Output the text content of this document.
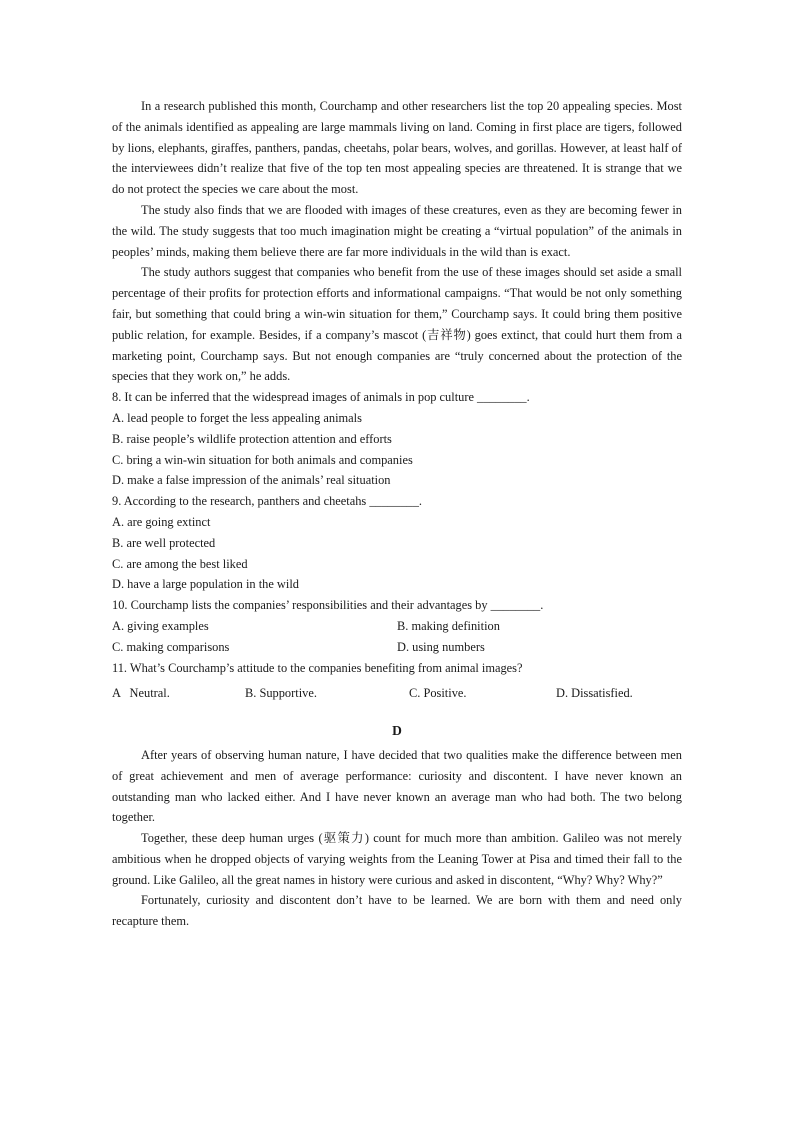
In a research published this month, Courchamp and other researchers list the top 20 appealing species. Most of the animals identified as appealing are large mammals living on land. Coming in first place are tigers, followed by lions, elephants, giraffes, panthers, pandas, cheetahs, polar bears, wolves, and gorillas. However, at least half of the interviewees didn’t realize that five of the top ten most appealing species are threatened. It is strange that we do not protect the species we care about the most.

The study also finds that we are flooded with images of these creatures, even as they are becoming fewer in the wild. The study suggests that too much imagination might be creating a “virtual population” of the animals in peoples’ minds, making them believe there are far more individuals in the wild than is exact.

The study authors suggest that companies who benefit from the use of these images should set aside a small percentage of their profits for protection efforts and informational campaigns. “That would be not only something fair, but something that could bring a win-win situation for them,” Courchamp says. It could bring them positive public relation, for example. Besides, if a company’s mascot (吉祥物) goes extinct, that could hurt them from a marketing point, Courchamp says. But not enough companies are “truly concerned about the protection of the species that they work on,” he adds.

8. It can be inferred that the widespread images of animals in pop culture ________.

A. lead people to forget the less appealing animals

B. raise people’s wildlife protection attention and efforts

C. bring a win-win situation for both animals and companies

D. make a false impression of the animals’ real situation

9. According to the research, panthers and cheetahs ________.

A. are going extinct

B. are well protected

C. are among the best liked

D. have a large population in the wild

10. Courchamp lists the companies’ responsibilities and their advantages by ________.

A. giving examples	B. making definition
C. making comparisons	D. using numbers

11. What’s Courchamp’s attitude to the companies benefiting from animal images?

A   Neutral.	B. Supportive.	C. Positive.	D. Dissatisfied.
D

After years of observing human nature, I have decided that two qualities make the difference between men of great achievement and men of average performance: curiosity and discontent. I have never known an outstanding man who lacked either. And I have never known an average man who had both. The two belong together.

Together, these deep human urges (驱策力) count for much more than ambition. Galileo was not merely ambitious when he dropped objects of varying weights from the Leaning Tower at Pisa and timed their fall to the ground. Like Galileo, all the great names in history were curious and asked in discontent, “Why? Why? Why?”

Fortunately, curiosity and discontent don’t have to be learned. We are born with them and need only recapture them.
